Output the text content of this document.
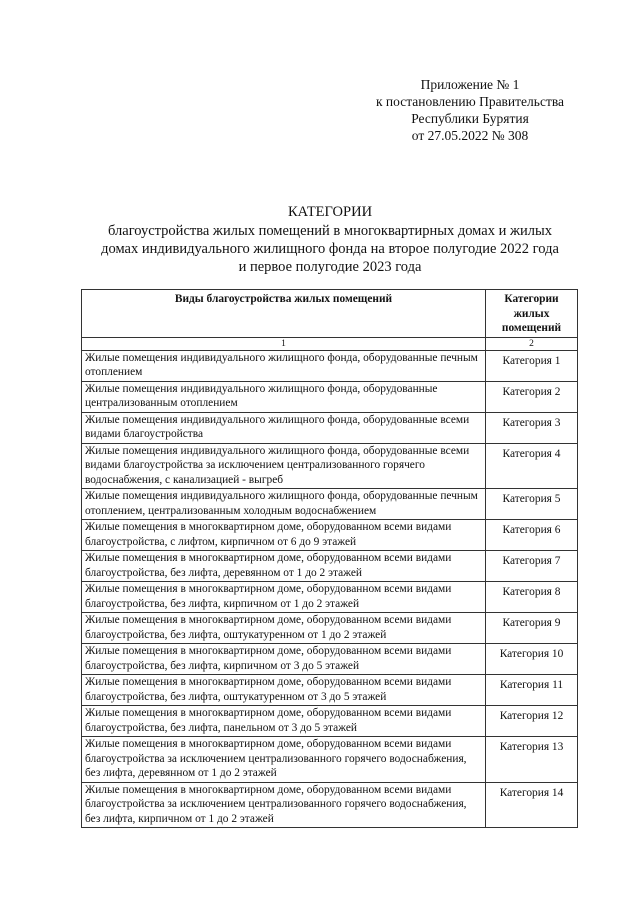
Приложение № 1
к постановлению Правительства
Республики Бурятия
от 27.05.2022 № 308
КАТЕГОРИИ
благоустройства жилых помещений в многоквартирных домах и жилых
домах индивидуального жилищного фонда на второе полугодие 2022 года
и первое полугодие 2023 года
Виды благоустройства жилых помещений	Категории жилых помещений
1	2
Жилые помещения индивидуального жилищного фонда, оборудованные печным отоплением	Категория 1
Жилые помещения индивидуального жилищного фонда, оборудованные централизованным отоплением	Категория 2
Жилые помещения индивидуального жилищного фонда, оборудованные всеми видами благоустройства	Категория 3
Жилые помещения индивидуального жилищного фонда, оборудованные всеми видами благоустройства за исключением централизованного горячего водоснабжения, с канализацией - выгреб	Категория 4
Жилые помещения индивидуального жилищного фонда, оборудованные печным отоплением, централизованным холодным водоснабжением	Категория 5
Жилые помещения в многоквартирном доме, оборудованном всеми видами благоустройства, с лифтом, кирпичном от 6 до 9 этажей	Категория 6
Жилые помещения в многоквартирном доме, оборудованном всеми видами благоустройства, без лифта, деревянном от 1 до 2 этажей	Категория 7
Жилые помещения в многоквартирном доме, оборудованном всеми видами благоустройства, без лифта, кирпичном от 1 до 2 этажей	Категория 8
Жилые помещения в многоквартирном доме, оборудованном всеми видами благоустройства, без лифта, оштукатуренном от 1 до 2 этажей	Категория 9
Жилые помещения в многоквартирном доме, оборудованном всеми видами благоустройства, без лифта, кирпичном от 3 до 5 этажей	Категория 10
Жилые помещения в многоквартирном доме, оборудованном всеми видами благоустройства, без лифта, оштукатуренном от 3 до 5 этажей	Категория 11
Жилые помещения в многоквартирном доме, оборудованном всеми видами благоустройства, без лифта, панельном от 3 до 5 этажей	Категория 12
Жилые помещения в многоквартирном доме, оборудованном всеми видами благоустройства за исключением централизованного горячего водоснабжения, без лифта, деревянном от 1 до 2 этажей	Категория 13
Жилые помещения в многоквартирном доме, оборудованном всеми видами благоустройства за исключением централизованного горячего водоснабжения, без лифта, кирпичном от 1 до 2 этажей	Категория 14
